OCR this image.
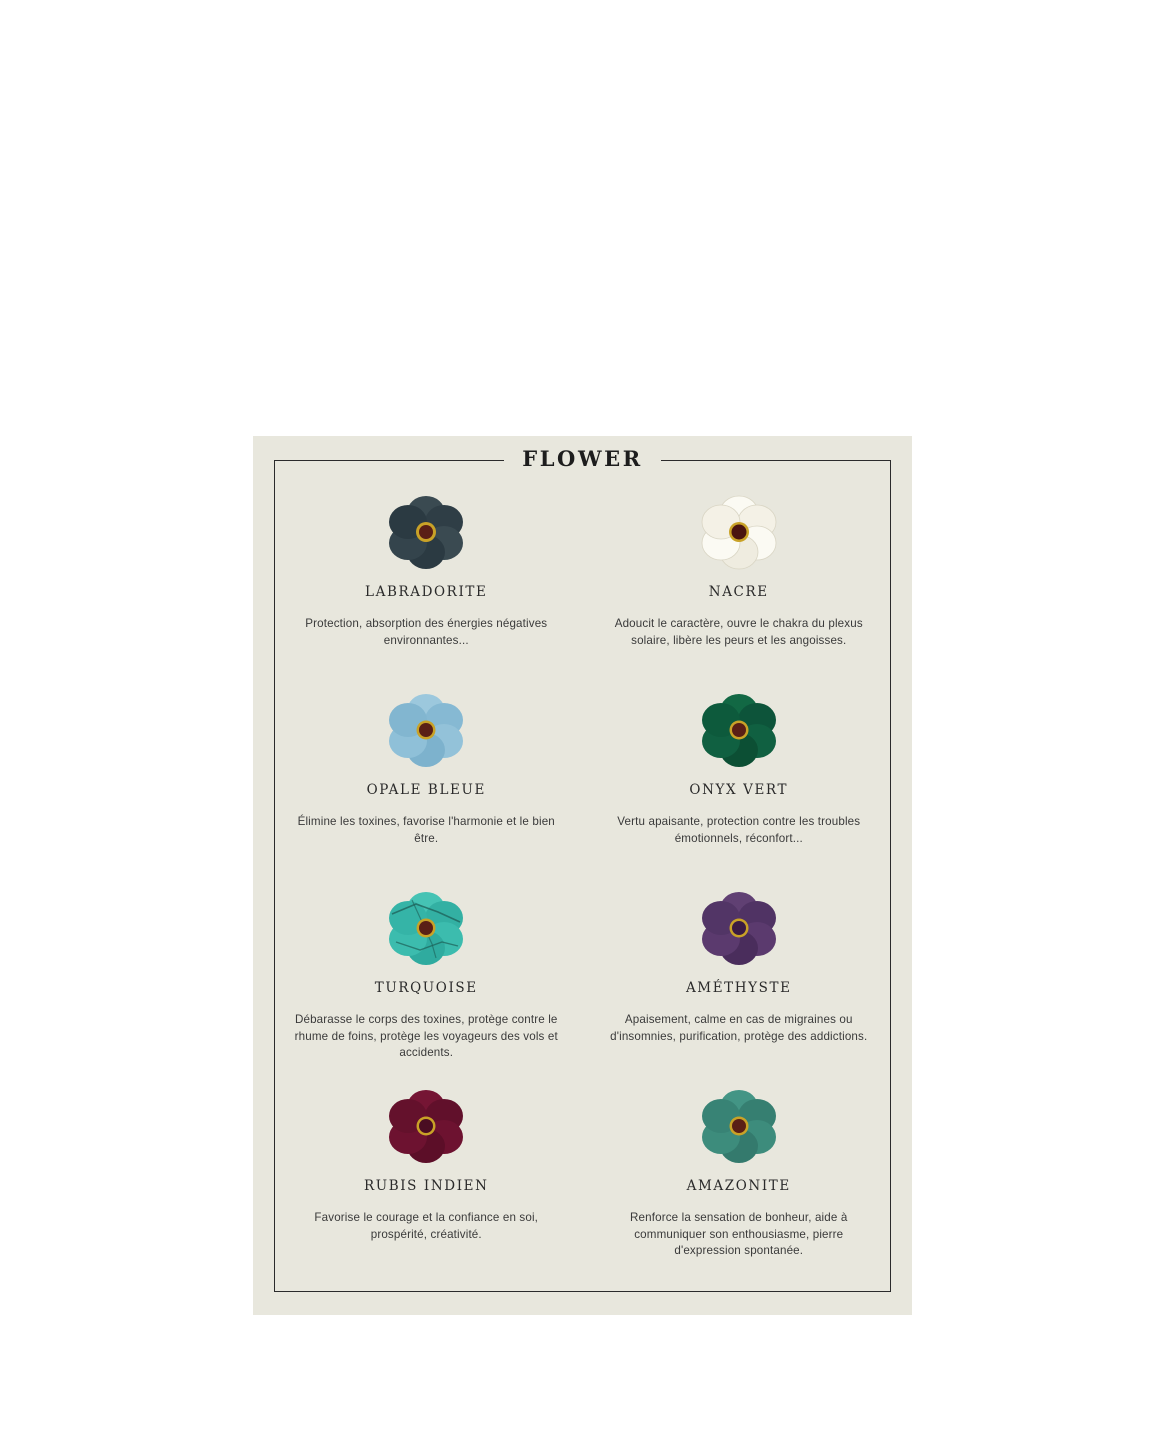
FLOWER
LABRADORITE
Protection, absorption des énergies négatives environnantes...
NACRE
Adoucit le caractère, ouvre le chakra du plexus solaire, libère les peurs et les angoisses.
OPALE BLEUE
Élimine les toxines, favorise l'harmonie et le bien être.
ONYX VERT
Vertu apaisante, protection contre les troubles émotionnels, réconfort...
TURQUOISE
Débarasse le corps des toxines, protège contre le rhume de foins, protège les voyageurs des vols et accidents.
AMÉTHYSTE
Apaisement, calme en cas de migraines ou d'insomnies, purification, protège des addictions.
RUBIS INDIEN
Favorise le courage et la confiance en soi, prospérité, créativité.
AMAZONITE
Renforce la sensation de bonheur, aide à communiquer son enthousiasme, pierre d'expression spontanée.
